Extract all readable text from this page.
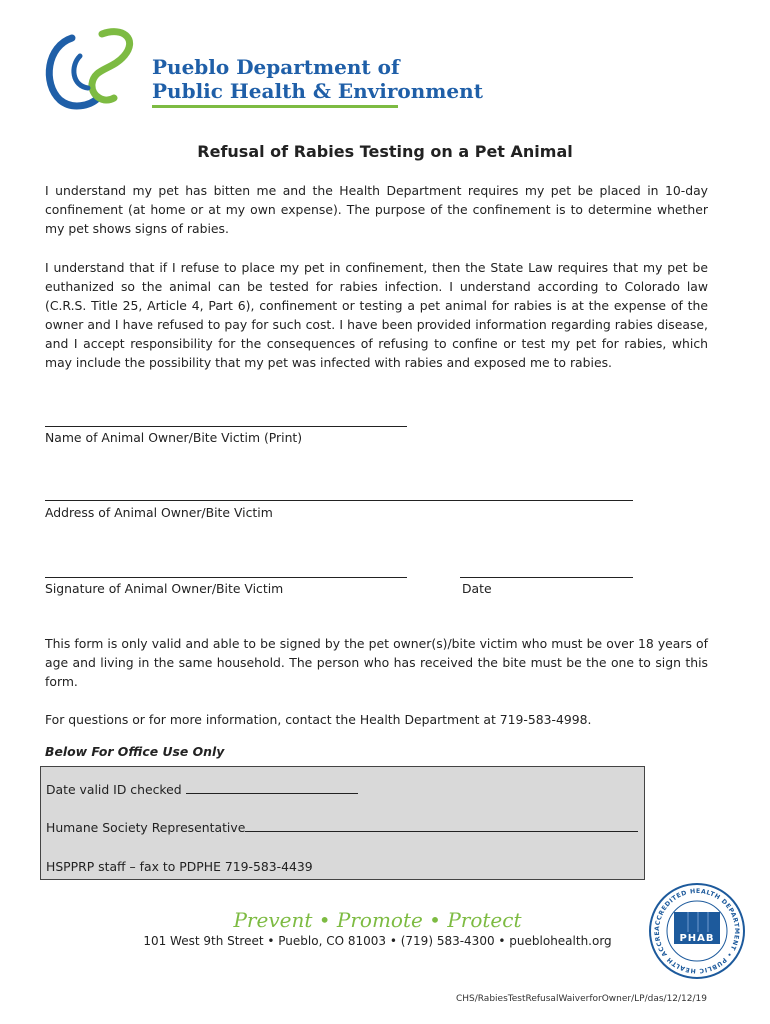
Pueblo Department of
Public Health & Environment
Refusal of Rabies Testing on a Pet Animal

I understand my pet has bitten me and the Health Department requires my pet be placed in 10-day confinement (at home or at my own expense). The purpose of the confinement is to determine whether my pet shows signs of rabies.

I understand that if I refuse to place my pet in confinement, then the State Law requires that my pet be euthanized so the animal can be tested for rabies infection. I understand according to Colorado law (C.R.S. Title 25, Article 4, Part 6), confinement or testing a pet animal for rabies is at the expense of the owner and I have refused to pay for such cost. I have been provided information regarding rabies disease, and I accept responsibility for the consequences of refusing to confine or test my pet for rabies, which may include the possibility that my pet was infected with rabies and exposed me to rabies.

Name of Animal Owner/Bite Victim (Print)
Address of Animal Owner/Bite Victim
Signature of Animal Owner/Bite Victim	Date

This form is only valid and able to be signed by the pet owner(s)/bite victim who must be over 18 years of age and living in the same household. The person who has received the bite must be the one to sign this form.

For questions or for more information, contact the Health Department at 719-583-4998.

Below For Office Use Only
Date valid ID checked
Humane Society Representative
HSPPRP staff – fax to PDPHE 719-583-4439
Prevent • Promote • Protect
101 West 9th Street • Pueblo, CO 81003 • (719) 583-4300 • pueblohealth.org
ACCREDITED HEALTH DEPARTMENT • PUBLIC HEALTH ACCRE	PHAB
CHS/RabiesTestRefusalWaiverforOwner/LP/das/12/12/19
